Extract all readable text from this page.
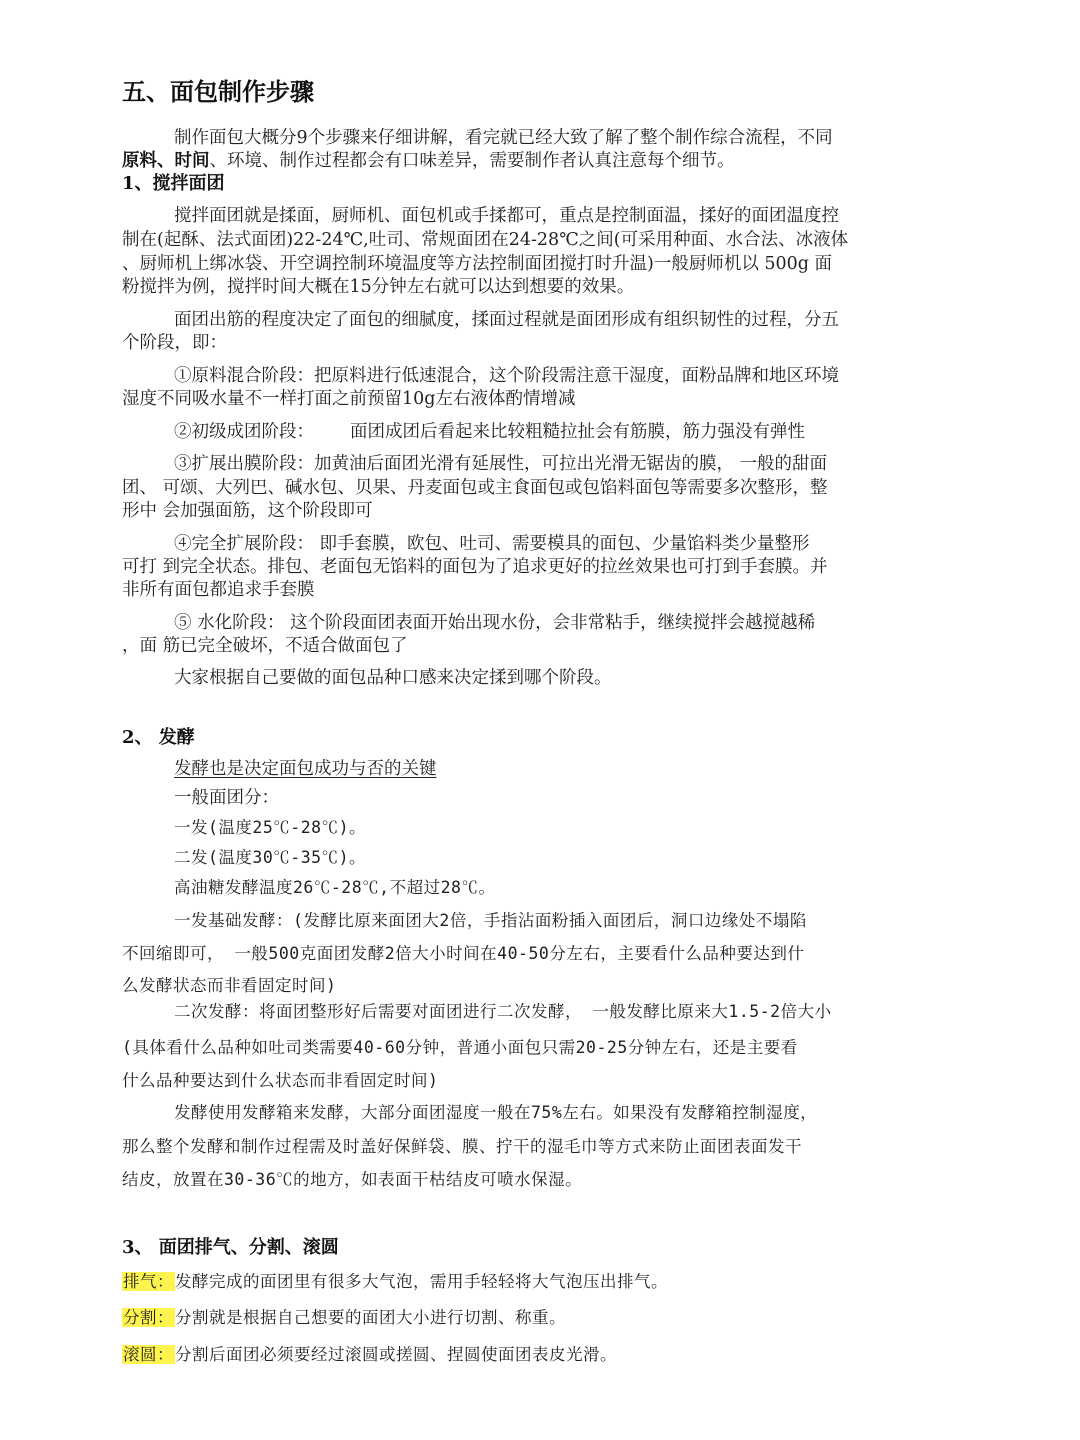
五、面包制作步骤
制作面包大概分9个步骤来仔细讲解，看完就已经大致了解了整个制作综合流程，不同
原料、时间、环境、制作过程都会有口味差异，需要制作者认真注意每个细节。
1、搅拌面团
搅拌面团就是揉面，厨师机、面包机或手揉都可，重点是控制面温，揉好的面团温度控
制在(起酥、法式面团)22-24℃,吐司、常规面团在24-28℃之间(可采用种面、水合法、冰液体
、厨师机上绑冰袋、开空调控制环境温度等方法控制面团搅打时升温)一般厨师机以 500g 面
粉搅拌为例，搅拌时间大概在15分钟左右就可以达到想要的效果。
面团出筋的程度决定了面包的细腻度，揉面过程就是面团形成有组织韧性的过程，分五
个阶段，即：
①原料混合阶段：把原料进行低速混合，这个阶段需注意干湿度，面粉品牌和地区环境
湿度不同吸水量不一样打面之前预留10g左右液体酌情增减
②初级成团阶段： 面团成团后看起来比较粗糙拉扯会有筋膜，筋力强没有弹性
③扩展出膜阶段：加黄油后面团光滑有延展性，可拉出光滑无锯齿的膜， 一般的甜面
团、 可颂、大列巴、碱水包、贝果、丹麦面包或主食面包或包馅料面包等需要多次整形，整
形中 会加强面筋，这个阶段即可
④完全扩展阶段： 即手套膜，欧包、吐司、需要模具的面包、少量馅料类少量整形
可打 到完全状态。排包、老面包无馅料的面包为了追求更好的拉丝效果也可打到手套膜。并
非所有面包都追求手套膜
⑤ 水化阶段： 这个阶段面团表面开始出现水份，会非常粘手，继续搅拌会越搅越稀
，面 筋已完全破坏，不适合做面包了
大家根据自己要做的面包品种口感来决定揉到哪个阶段。
2、 发酵
发酵也是决定面包成功与否的关键
一般面团分：
一发(温度25℃-28℃)。
二发(温度30℃-35℃)。
高油糖发酵温度26℃-28℃,不超过28℃。
一发基础发酵：(发酵比原来面团大2倍，手指沾面粉插入面团后，洞口边缘处不塌陷
不回缩即可， 一般500克面团发酵2倍大小时间在40-50分左右，主要看什么品种要达到什
么发酵状态而非看固定时间)
二次发酵：将面团整形好后需要对面团进行二次发酵， 一般发酵比原来大1.5-2倍大小
(具体看什么品种如吐司类需要40-60分钟，普通小面包只需20-25分钟左右，还是主要看
什么品种要达到什么状态而非看固定时间)
发酵使用发酵箱来发酵，大部分面团湿度一般在75%左右。如果没有发酵箱控制湿度，
那么整个发酵和制作过程需及时盖好保鲜袋、膜、拧干的湿毛巾等方式来防止面团表面发干
结皮，放置在30-36℃的地方，如表面干枯结皮可喷水保湿。
3、 面团排气、分割、滚圆
排气：发酵完成的面团里有很多大气泡，需用手轻轻将大气泡压出排气。
分割：分割就是根据自己想要的面团大小进行切割、称重。
滚圆：分割后面团必须要经过滚圆或搓圆、捏圆使面团表皮光滑。
